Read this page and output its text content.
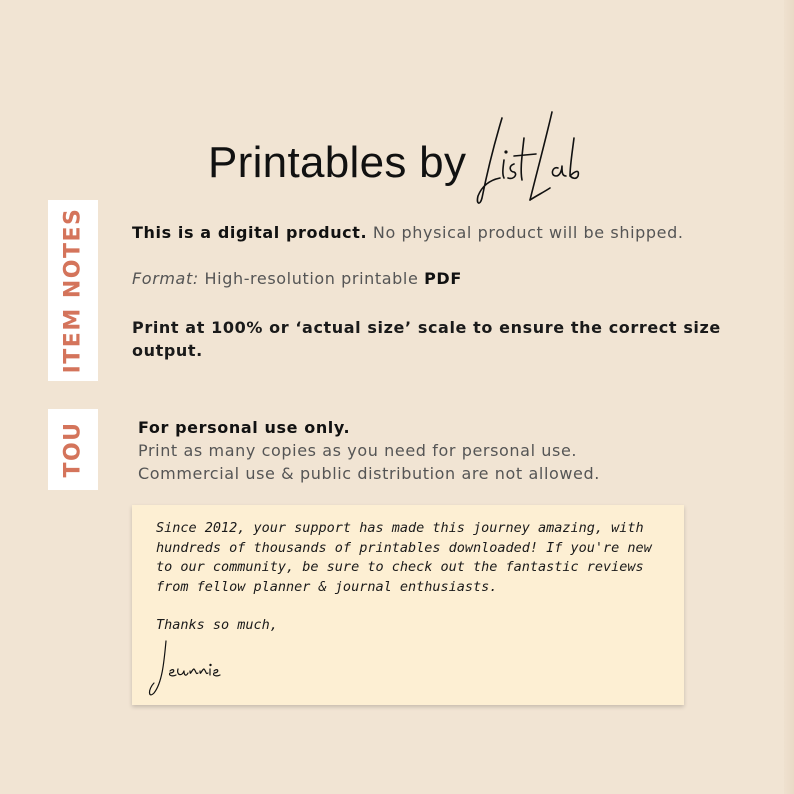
Printables by
ITEM NOTES
TOU
This is a digital product. No physical product will be shipped.
Format: High-resolution printable PDF
Print at 100% or ‘actual size’ scale to ensure the correct size output.
For personal use only.
Print as many copies as you need for personal use.
Commercial use & public distribution are not allowed.
Since 2012, your support has made this journey amazing, with hundreds of thousands of printables downloaded! If you're new to our community, be sure to check out the fantastic reviews from fellow planner & journal enthusiasts.
Thanks so much,
